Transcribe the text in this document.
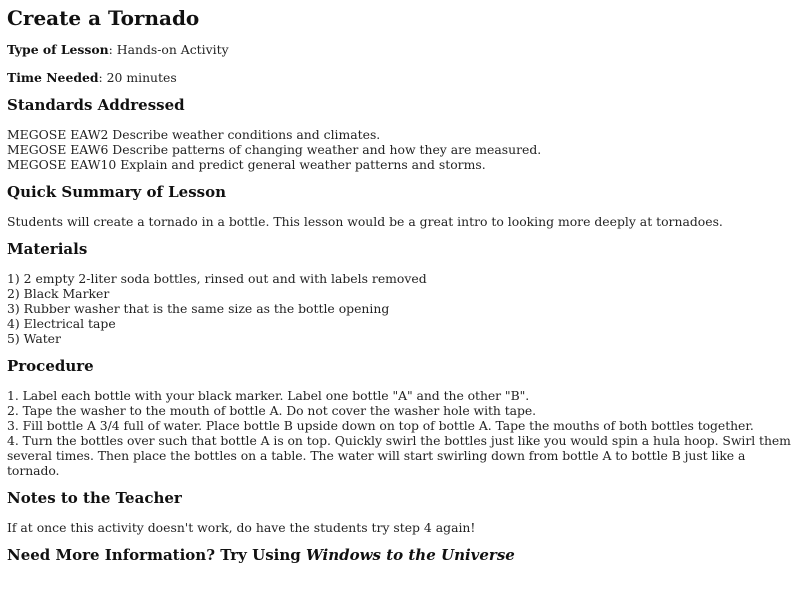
Create a Tornado

Type of Lesson: Hands-on Activity

Time Needed: 20 minutes

Standards Addressed
MEGOSE EAW2 Describe weather conditions and climates.
MEGOSE EAW6 Describe patterns of changing weather and how they are measured.
MEGOSE EAW10 Explain and predict general weather patterns and storms.
Quick Summary of Lesson

Students will create a tornado in a bottle. This lesson would be a great intro to looking more deeply at tornadoes.

Materials
1) 2 empty 2-liter soda bottles, rinsed out and with labels removed
2) Black Marker
3) Rubber washer that is the same size as the bottle opening
4) Electrical tape
5) Water
Procedure
1. Label each bottle with your black marker. Label one bottle "A" and the other "B".
2. Tape the washer to the mouth of bottle A. Do not cover the washer hole with tape.
3. Fill bottle A 3/4 full of water. Place bottle B upside down on top of bottle A. Tape the mouths of both bottles together.
4. Turn the bottles over such that bottle A is on top. Quickly swirl the bottles just like you would spin a hula hoop. Swirl them several times. Then place the bottles on a table. The water will start swirling down from bottle A to bottle B just like a tornado.
Notes to the Teacher

If at once this activity doesn't work, do have the students try step 4 again!

Need More Information? Try Using Windows to the Universe
